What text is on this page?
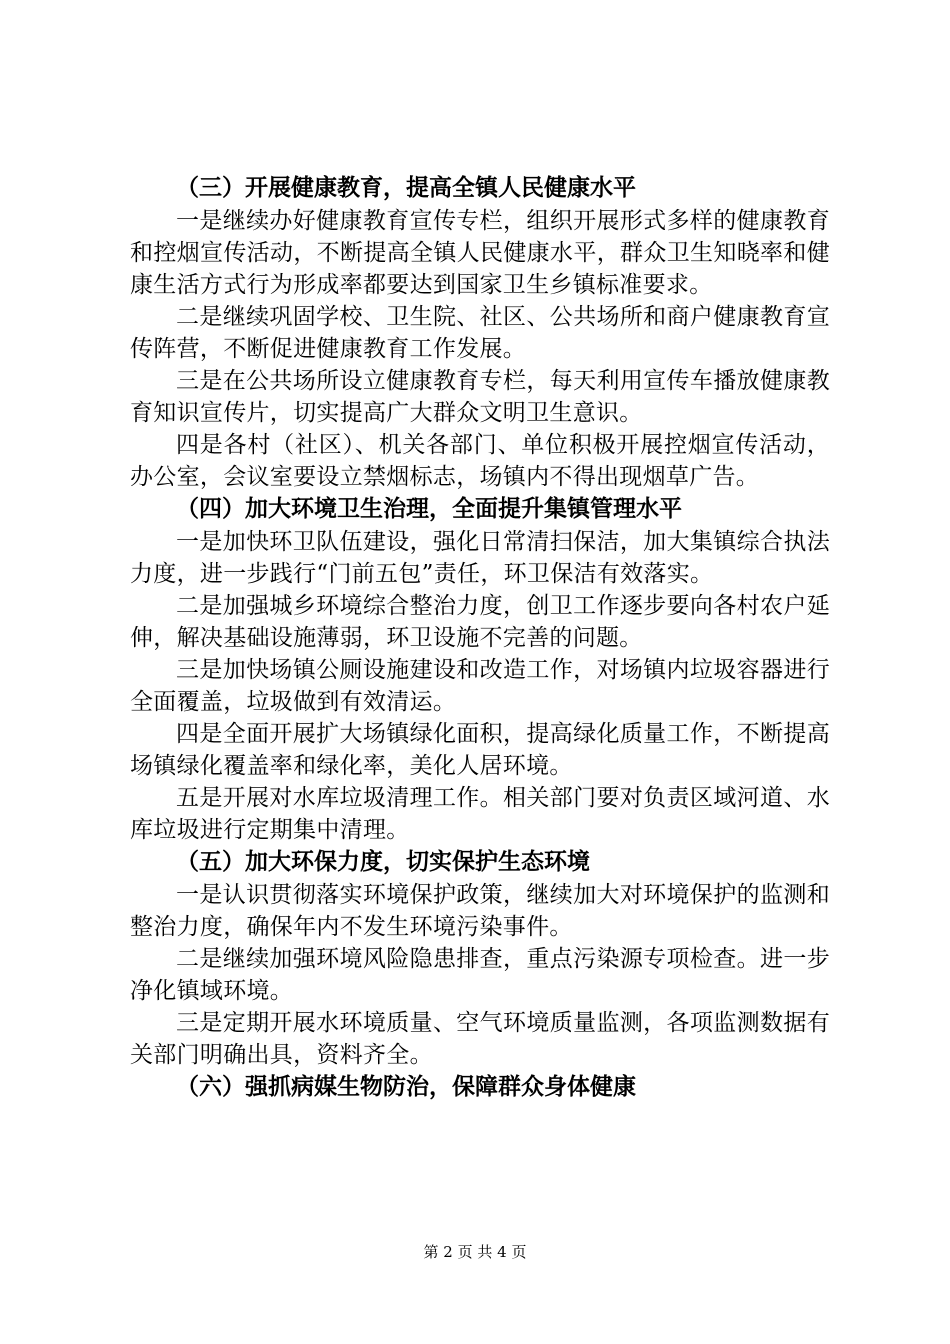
（三）开展健康教育，提高全镇人民健康水平

一是继续办好健康教育宣传专栏，组织开展形式多样的健康教育和控烟宣传活动，不断提高全镇人民健康水平，群众卫生知晓率和健康生活方式行为形成率都要达到国家卫生乡镇标准要求。

二是继续巩固学校、卫生院、社区、公共场所和商户健康教育宣传阵营，不断促进健康教育工作发展。

三是在公共场所设立健康教育专栏，每天利用宣传车播放健康教育知识宣传片，切实提高广大群众文明卫生意识。

四是各村（社区）、机关各部门、单位积极开展控烟宣传活动，办公室，会议室要设立禁烟标志，场镇内不得出现烟草广告。

（四）加大环境卫生治理，全面提升集镇管理水平

一是加快环卫队伍建设，强化日常清扫保洁，加大集镇综合执法力度，进一步践行“门前五包”责任，环卫保洁有效落实。

二是加强城乡环境综合整治力度，创卫工作逐步要向各村农户延伸，解决基础设施薄弱，环卫设施不完善的问题。

三是加快场镇公厕设施建设和改造工作，对场镇内垃圾容器进行全面覆盖，垃圾做到有效清运。

四是全面开展扩大场镇绿化面积，提高绿化质量工作，不断提高场镇绿化覆盖率和绿化率，美化人居环境。

五是开展对水库垃圾清理工作。相关部门要对负责区域河道、水库垃圾进行定期集中清理。

（五）加大环保力度，切实保护生态环境

一是认识贯彻落实环境保护政策，继续加大对环境保护的监测和整治力度，确保年内不发生环境污染事件。

二是继续加强环境风险隐患排查，重点污染源专项检查。进一步净化镇域环境。

三是定期开展水环境质量、空气环境质量监测，各项监测数据有关部门明确出具，资料齐全。

（六）强抓病媒生物防治，保障群众身体健康
第 2 页 共 4 页
